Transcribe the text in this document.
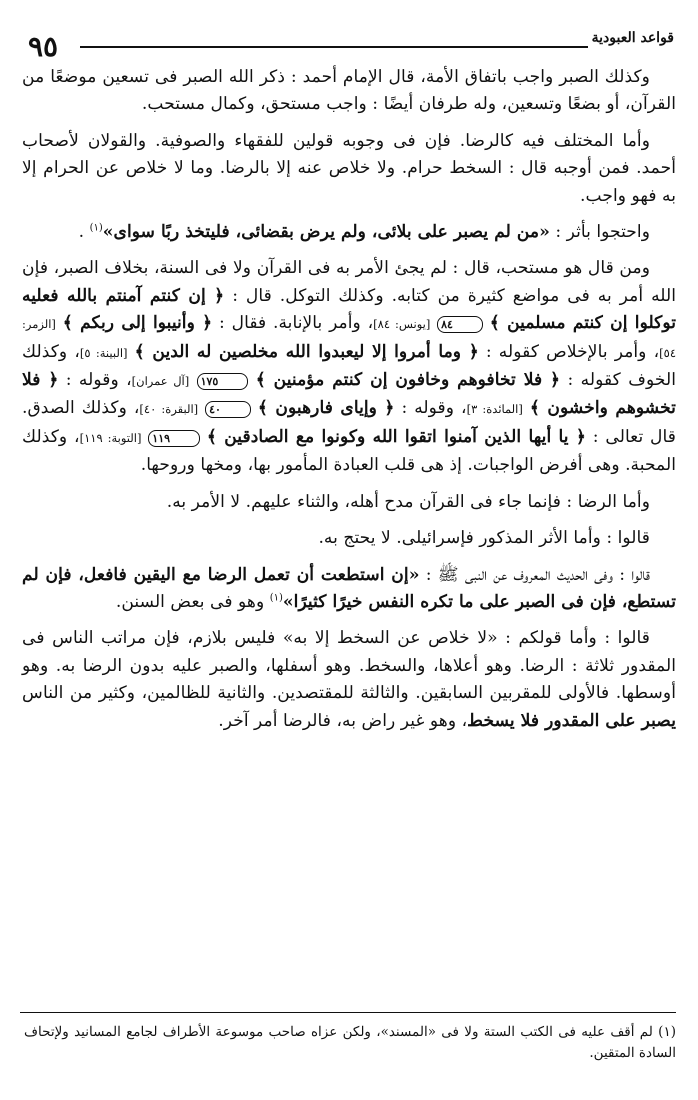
قواعد العبودية
٩٥

وكذلك الصبر واجب باتفاق الأمة، قال الإمام أحمد : ذكر الله الصبر فى تسعين موضعًا من القرآن، أو بضعًا وتسعين، وله طرفان أيضًا : واجب مستحق، وكمال مستحب.

وأما المختلف فيه كالرضا. فإن فى وجوبه قولين للفقهاء والصوفية. والقولان لأصحاب أحمد. فمن أوجبه قال : السخط حرام. ولا خلاص عنه إلا بالرضا. وما لا خلاص عن الحرام إلا به فهو واجب.

واحتجوا بأثر : «من لم يصبر على بلائى، ولم يرض بقضائى، فليتخذ ربًا سواى»$^{(١)}$ .

ومن قال هو مستحب، قال : لم يجئ الأمر به فى القرآن ولا فى السنة، بخلاف الصبر، فإن الله أمر به فى مواضع كثيرة من كتابه. وكذلك التوكل. قال : ﴿ إن كنتم آمنتم بالله فعليه توكلوا إن كنتم مسلمين ﴾ ٨٤ [يونس: ٨٤]، وأمر بالإنابة. فقال : ﴿ وأنيبوا إلى ربكم ﴾ [الزمر: ٥٤]، وأمر بالإخلاص كقوله : ﴿ وما أمروا إلا ليعبدوا الله مخلصين له الدين ﴾ [البينة: ٥]، وكذلك الخوف كقوله : ﴿ فلا تخافوهم وخافون إن كنتم مؤمنين ﴾ ١٧٥ [آل عمران]، وقوله : ﴿ فلا تخشوهم واخشون ﴾ [المائدة: ٣]، وقوله : ﴿ وإياى فارهبون ﴾ ٤٠ [البقرة: ٤٠]، وكذلك الصدق. قال تعالى : ﴿ يا أيها الذين آمنوا اتقوا الله وكونوا مع الصادقين ﴾ ١١٩ [التوبة: ١١٩]، وكذلك المحبة. وهى أفرض الواجبات. إذ هى قلب العبادة المأمور بها، ومخها وروحها.

وأما الرضا : فإنما جاء فى القرآن مدح أهله، والثناء عليهم. لا الأمر به.

قالوا : وأما الأثر المذكور فإسرائيلى. لا يحتج به.

قالوا : وفى الحديث المعروف عن النبى ﷺ : «إن استطعت أن تعمل الرضا مع اليقين فافعل، فإن لم تستطع، فإن فى الصبر على ما تكره النفس خيرًا كثيرًا»$^{(١)}$ وهو فى بعض السنن.

قالوا : وأما قولكم : «لا خلاص عن السخط إلا به» فليس بلازم، فإن مراتب الناس فى المقدور ثلاثة : الرضا. وهو أعلاها، والسخط. وهو أسفلها، والصبر عليه بدون الرضا به. وهو أوسطها. فالأولى للمقربين السابقين. والثالثة للمقتصدين. والثانية للظالمين، وكثير من الناس يصبر على المقدور فلا يسخط، وهو غير راض به، فالرضا أمر آخر.

(١) لم أقف عليه فى الكتب الستة ولا فى «المسند»، ولكن عزاه صاحب موسوعة الأطراف لجامع المسانيد ولإتحاف السادة المتقين.
